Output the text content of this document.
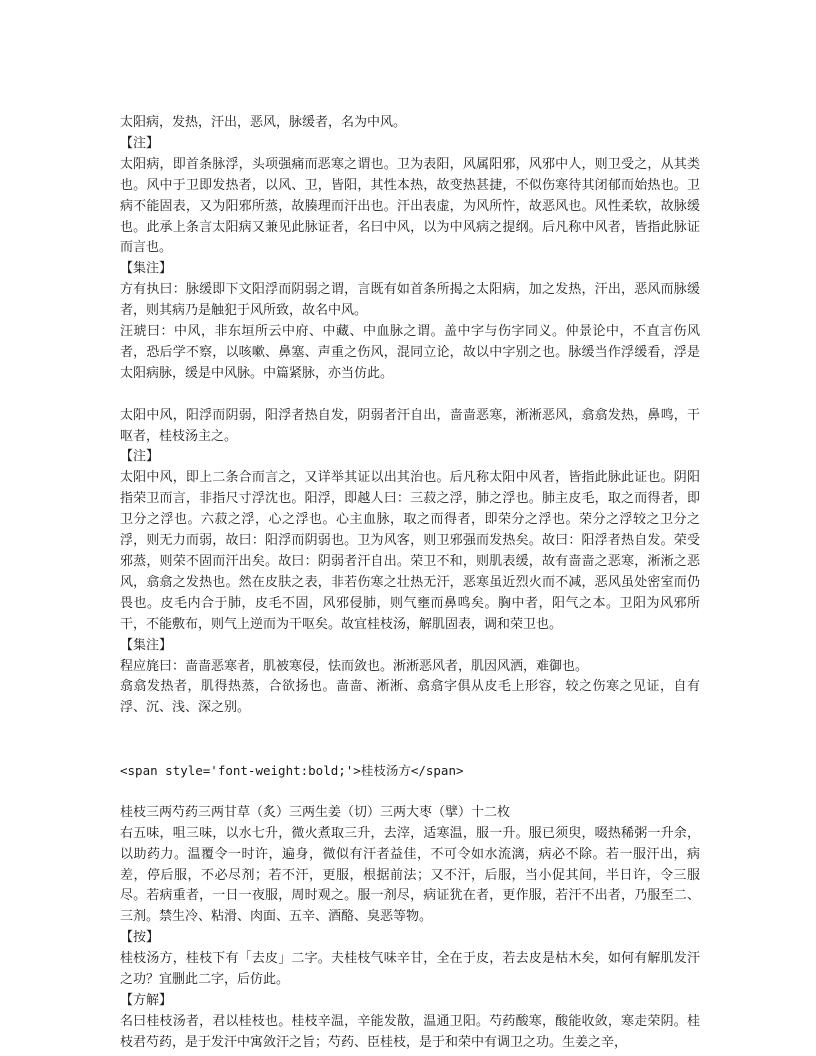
太阳病，发热，汗出，恶风，脉缓者，名为中风。

【注】

太阳病，即首条脉浮，头项强痛而恶寒之谓也。卫为表阳，风属阳邪，风邪中人，则卫受之，从其类也。风中于卫即发热者，以风、卫，皆阳，其性本热，故变热甚捷，不似伤寒待其闭郁而始热也。卫病不能固表，又为阳邪所蒸，故腠理而汗出也。汗出表虚，为风所忤，故恶风也。风性柔软，故脉缓也。此承上条言太阳病又兼见此脉证者，名曰中风，以为中风病之提纲。后凡称中风者，皆指此脉证而言也。

【集注】

方有执曰：脉缓即下文阳浮而阴弱之谓，言既有如首条所揭之太阳病，加之发热，汗出，恶风而脉缓者，则其病乃是触犯于风所致，故名中风。

汪琥曰：中风，非东垣所云中府、中藏、中血脉之谓。盖中字与伤字同义。仲景论中，不直言伤风者，恐后学不察，以咳嗽、鼻塞、声重之伤风，混同立论，故以中字别之也。脉缓当作浮缓看，浮是太阳病脉，缓是中风脉。中篇紧脉，亦当仿此。

太阳中风，阳浮而阴弱，阳浮者热自发，阴弱者汗自出，啬啬恶寒，淅淅恶风，翕翕发热，鼻鸣，干呕者，桂枝汤主之。

【注】

太阳中风，即上二条合而言之，又详举其证以出其治也。后凡称太阳中风者，皆指此脉此证也。阴阳指荣卫而言，非指尺寸浮沈也。阳浮，即越人曰：三菽之浮，肺之浮也。肺主皮毛，取之而得者，即卫分之浮也。六菽之浮，心之浮也。心主血脉，取之而得者，即荣分之浮也。荣分之浮较之卫分之浮，则无力而弱，故曰：阳浮而阴弱也。卫为风客，则卫邪强而发热矣。故曰：阳浮者热自发。荣受邪蒸，则荣不固而汗出矣。故曰：阴弱者汗自出。荣卫不和，则肌表缓，故有啬啬之恶寒，淅淅之恶风，翕翕之发热也。然在皮肤之表，非若伤寒之壮热无汗，恶寒虽近烈火而不减，恶风虽处密室而仍畏也。皮毛内合于肺，皮毛不固，风邪侵肺，则气壅而鼻鸣矣。胸中者，阳气之本。卫阳为风邪所干，不能敷布，则气上逆而为干呕矣。故宜桂枝汤，解肌固表，调和荣卫也。

【集注】

程应旄曰：啬啬恶寒者，肌被寒侵，怯而敛也。淅淅恶风者，肌因风洒，难御也。

翕翕发热者，肌得热蒸，合欲扬也。啬啬、淅淅、翕翕字俱从皮毛上形容，较之伤寒之见证，自有浮、沉、浅、深之别。

<span style='font-weight:bold;'>桂枝汤方</span>

桂枝三两芍药三两甘草（炙）三两生姜（切）三两大枣（擘）十二枚

右五味，咀三味，以水七升，微火煮取三升，去滓，适寒温，服一升。服已须臾，啜热稀粥一升余，以助药力。温覆令一时许，遍身，微似有汗者益佳，不可令如水流漓，病必不除。若一服汗出，病差，停后服，不必尽剂；若不汗，更服，根据前法；又不汗，后服，当小促其间，半日许，令三服尽。若病重者，一日一夜服，周时观之。服一剂尽，病证犹在者，更作服，若汗不出者，乃服至二、三剂。禁生冷、粘滑、肉面、五辛、酒酪、臭恶等物。

【按】

桂枝汤方，桂枝下有「去皮」二字。夫桂枝气味辛甘，全在于皮，若去皮是枯木矣，如何有解肌发汗之功？宜删此二字，后仿此。

【方解】

名曰桂枝汤者，君以桂枝也。桂枝辛温，辛能发散，温通卫阳。芍药酸寒，酸能收敛，寒走荣阴。桂枝君芍药，是于发汗中寓敛汗之旨；芍药、臣桂枝，是于和荣中有调卫之功。生姜之辛，
